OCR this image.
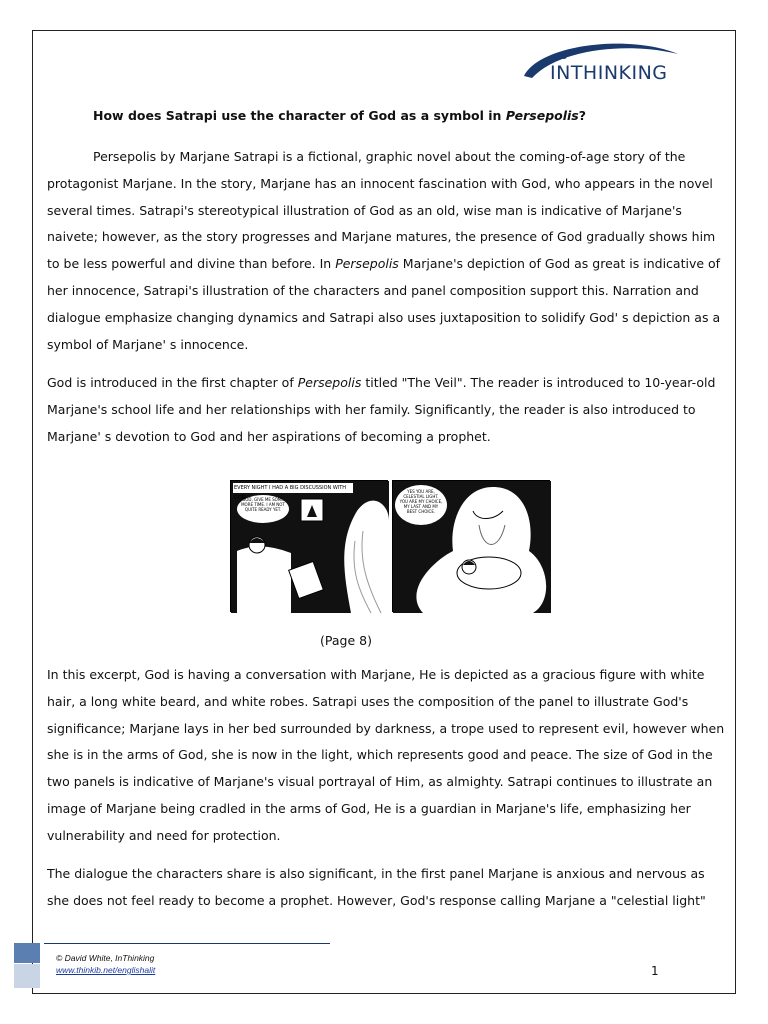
INTHINKING
How does Satrapi use the character of God as a symbol in Persepolis?
Persepolis by Marjane Satrapi is a fictional, graphic novel about the coming-of-age story of the protagonist Marjane. In the story, Marjane has an innocent fascination with God, who appears in the novel several times. Satrapi's stereotypical illustration of God as an old, wise man is indicative of Marjane's naivete; however, as the story progresses and Marjane matures, the presence of God gradually shows him to be less powerful and divine than before. In Persepolis Marjane's depiction of God as great is indicative of her innocence, Satrapi's illustration of the characters and panel composition support this. Narration and dialogue emphasize changing dynamics and Satrapi also uses juxtaposition to solidify God' s depiction as a symbol of Marjane' s innocence.
God is introduced in the first chapter of Persepolis titled "The Veil". The reader is introduced to 10-year-old Marjane's school life and her relationships with her family. Significantly, the reader is also introduced to Marjane' s devotion to God and her aspirations of becoming a prophet.
EVERY NIGHT I HAD A BIG DISCUSSION WITH GOD.
GOD, GIVE ME SOME MORE TIME. I AM NOT QUITE READY YET.
YES YOU ARE, CELESTIAL LIGHT. YOU ARE MY CHOICE, MY LAST AND MY BEST CHOICE.
(Page 8)
In this excerpt, God is having a conversation with Marjane, He is depicted as a gracious figure with white hair, a long white beard, and white robes. Satrapi uses the composition of the panel to illustrate God's significance; Marjane lays in her bed surrounded by darkness, a trope used to represent evil, however when she is in the arms of God, she is now in the light, which represents good and peace. The size of God in the two panels is indicative of Marjane's visual portrayal of Him, as almighty. Satrapi continues to illustrate an image of Marjane being cradled in the arms of God, He is a guardian in Marjane's life, emphasizing her vulnerability and need for protection.
The dialogue the characters share is also significant, in the first panel Marjane is anxious and nervous as she does not feel ready to become a prophet. However, God's response calling Marjane a "celestial light"
© David White, InThinking
www.thinkib.net/englishalit	1
